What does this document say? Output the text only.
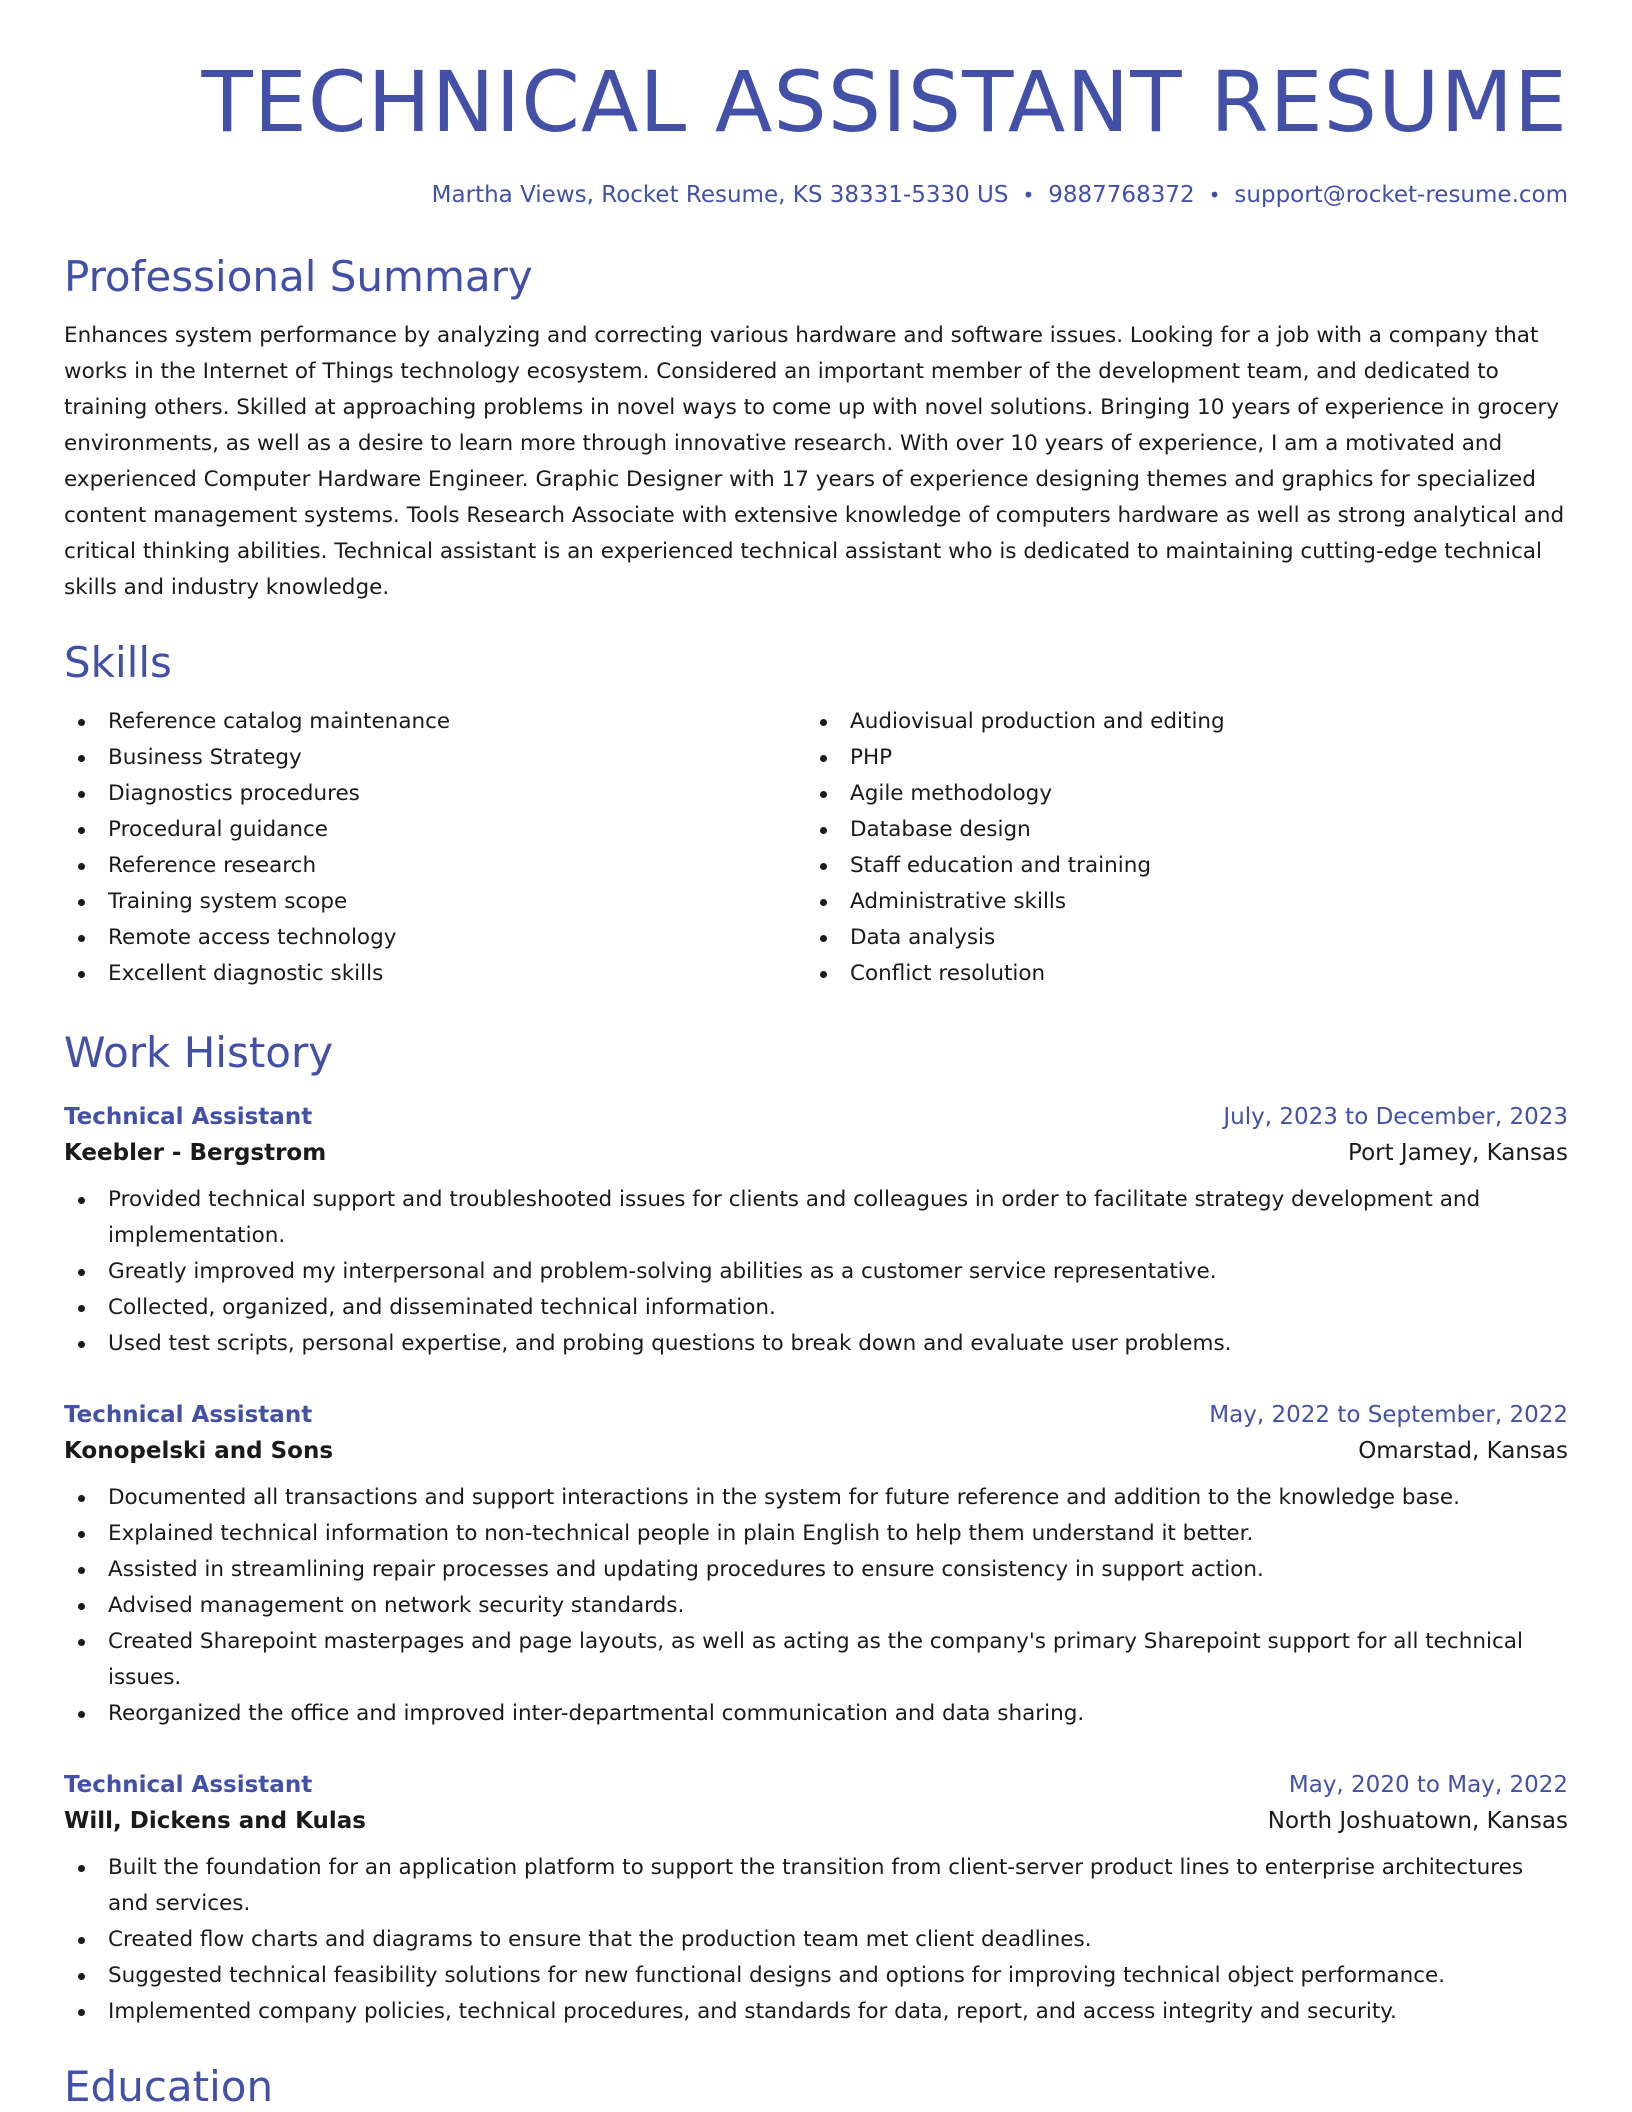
TECHNICAL ASSISTANT RESUME
Martha Views, Rocket Resume, KS 38331-5330 US • 9887768372 • support@rocket-resume.com
Professional Summary

Enhances system performance by analyzing and correcting various hardware and software issues. Looking for a job with a company that works in the Internet of Things technology ecosystem. Considered an important member of the development team, and dedicated to training others. Skilled at approaching problems in novel ways to come up with novel solutions. Bringing 10 years of experience in grocery environments, as well as a desire to learn more through innovative research. With over 10 years of experience, I am a motivated and experienced Computer Hardware Engineer. Graphic Designer with 17 years of experience designing themes and graphics for specialized content management systems. Tools Research Associate with extensive knowledge of computers hardware as well as strong analytical and critical thinking abilities. Technical assistant is an experienced technical assistant who is dedicated to maintaining cutting-edge technical skills and industry knowledge.

Skills
Reference catalog maintenance
Business Strategy
Diagnostics procedures
Procedural guidance
Reference research
Training system scope
Remote access technology
Excellent diagnostic skills
Audiovisual production and editing
PHP
Agile methodology
Database design
Staff education and training
Administrative skills
Data analysis
Conflict resolution
Work History
Technical Assistant	July, 2023 to December, 2023
Keebler - Bergstrom	Port Jamey, Kansas
Provided technical support and troubleshooted issues for clients and colleagues in order to facilitate strategy development and implementation.
Greatly improved my interpersonal and problem-solving abilities as a customer service representative.
Collected, organized, and disseminated technical information.
Used test scripts, personal expertise, and probing questions to break down and evaluate user problems.
Technical Assistant	May, 2022 to September, 2022
Konopelski and Sons	Omarstad, Kansas
Documented all transactions and support interactions in the system for future reference and addition to the knowledge base.
Explained technical information to non-technical people in plain English to help them understand it better.
Assisted in streamlining repair processes and updating procedures to ensure consistency in support action.
Advised management on network security standards.
Created Sharepoint masterpages and page layouts, as well as acting as the company's primary Sharepoint support for all technical issues.
Reorganized the office and improved inter-departmental communication and data sharing.
Technical Assistant	May, 2020 to May, 2022
Will, Dickens and Kulas	North Joshuatown, Kansas
Built the foundation for an application platform to support the transition from client-server product lines to enterprise architectures and services.
Created flow charts and diagrams to ensure that the production team met client deadlines.
Suggested technical feasibility solutions for new functional designs and options for improving technical object performance.
Implemented company policies, technical procedures, and standards for data, report, and access integrity and security.
Education
